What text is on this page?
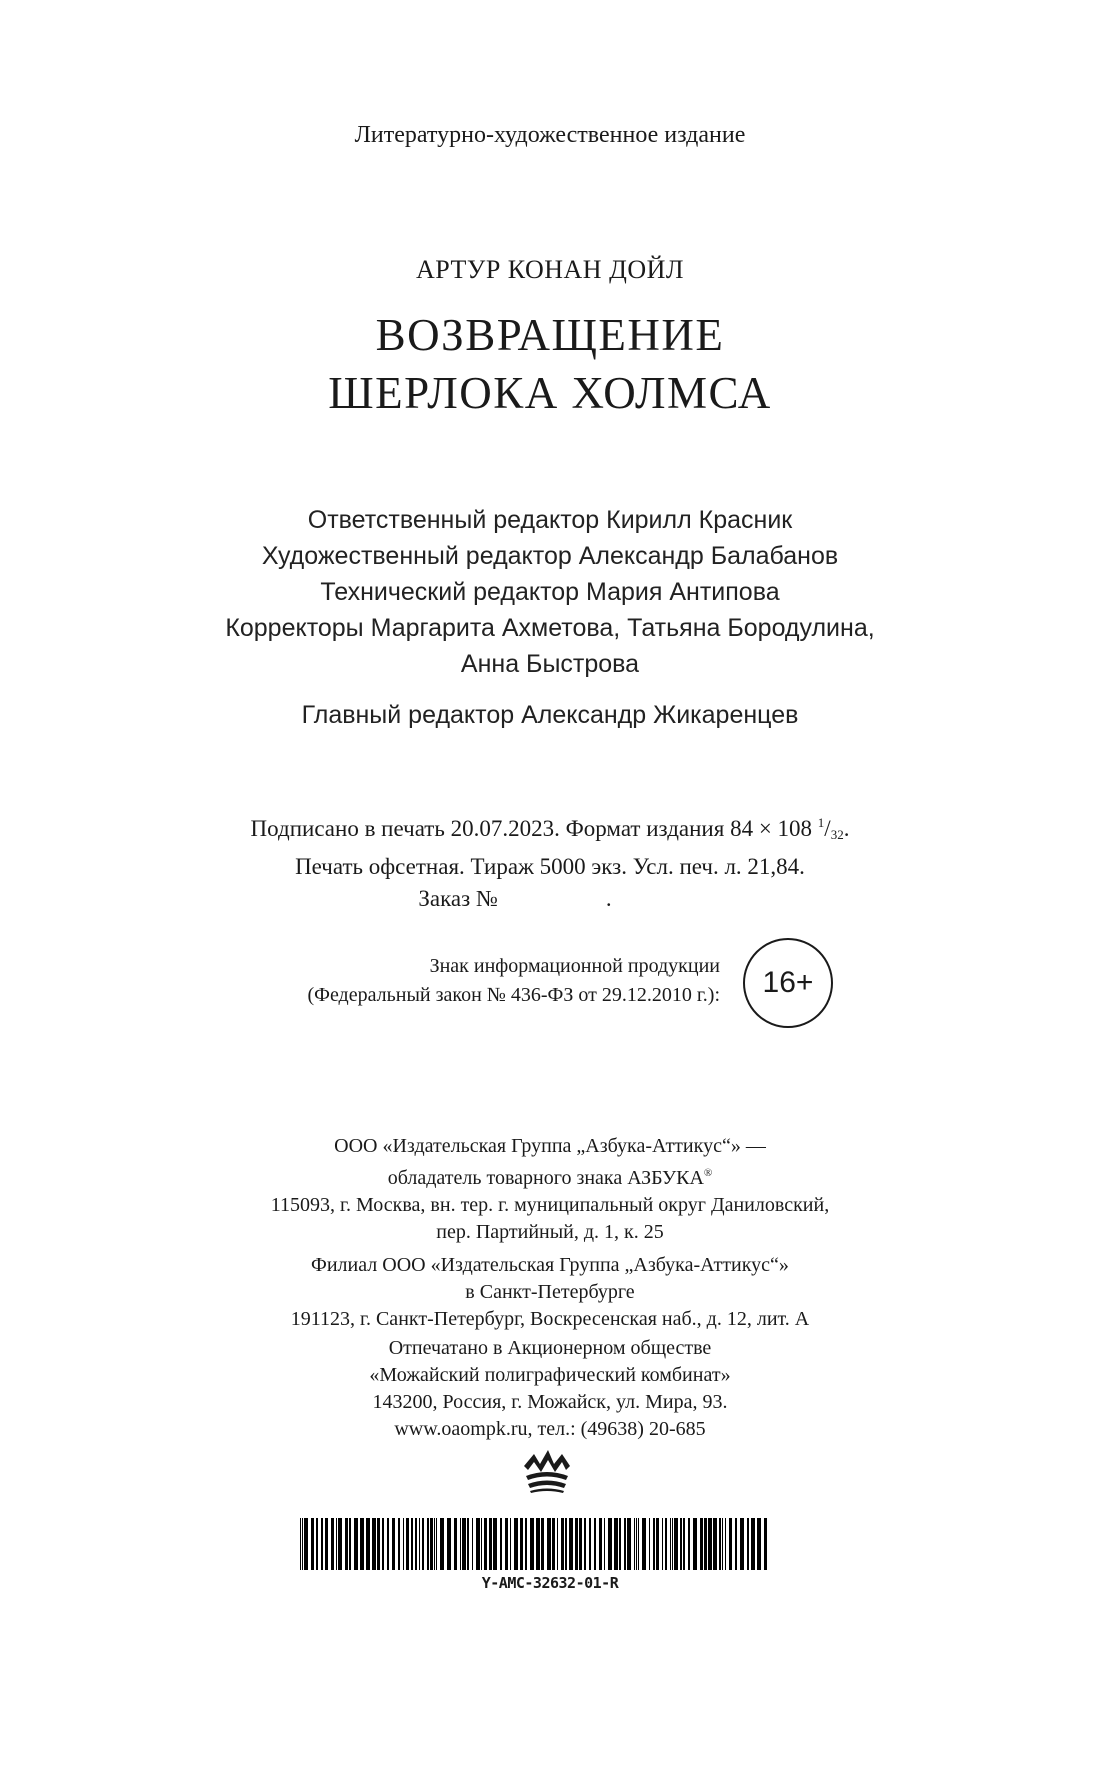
Литературно-художественное издание
АРТУР КОНАН ДОЙЛ
ВОЗВРАЩЕНИЕ
ШЕРЛОКА ХОЛМСА
Ответственный редактор Кирилл Красник
Художественный редактор Александр Балабанов
Технический редактор Мария Антипова
Корректоры Маргарита Ахметова, Татьяна Бородулина,
Анна Быстрова
Главный редактор Александр Жикаренцев
Подписано в печать 20.07.2023. Формат издания 84 × 108 $^1/_{32}$.
Печать офсетная. Тираж 5000 экз. Усл. печ. л. 21,84.
Заказ №	.
Знак информационной продукции
(Федеральный закон № 436-ФЗ от 29.12.2010 г.): 16+
ООО «Издательская Группа „Азбука-Аттикус“» —
обладатель товарного знака АЗБУКА®
115093, г. Москва, вн. тер. г. муниципальный округ Даниловский,
пер. Партийный, д. 1, к. 25
Филиал ООО «Издательская Группа „Азбука-Аттикус“»
в Санкт-Петербурге
191123, г. Санкт-Петербург, Воскресенская наб., д. 12, лит. А
Отпечатано в Акционерном обществе
«Можайский полиграфический комбинат»
143200, Россия, г. Можайск, ул. Мира, 93.
www.oaompk.ru, тел.: (49638) 20-685
Y-AMC-32632-01-R
